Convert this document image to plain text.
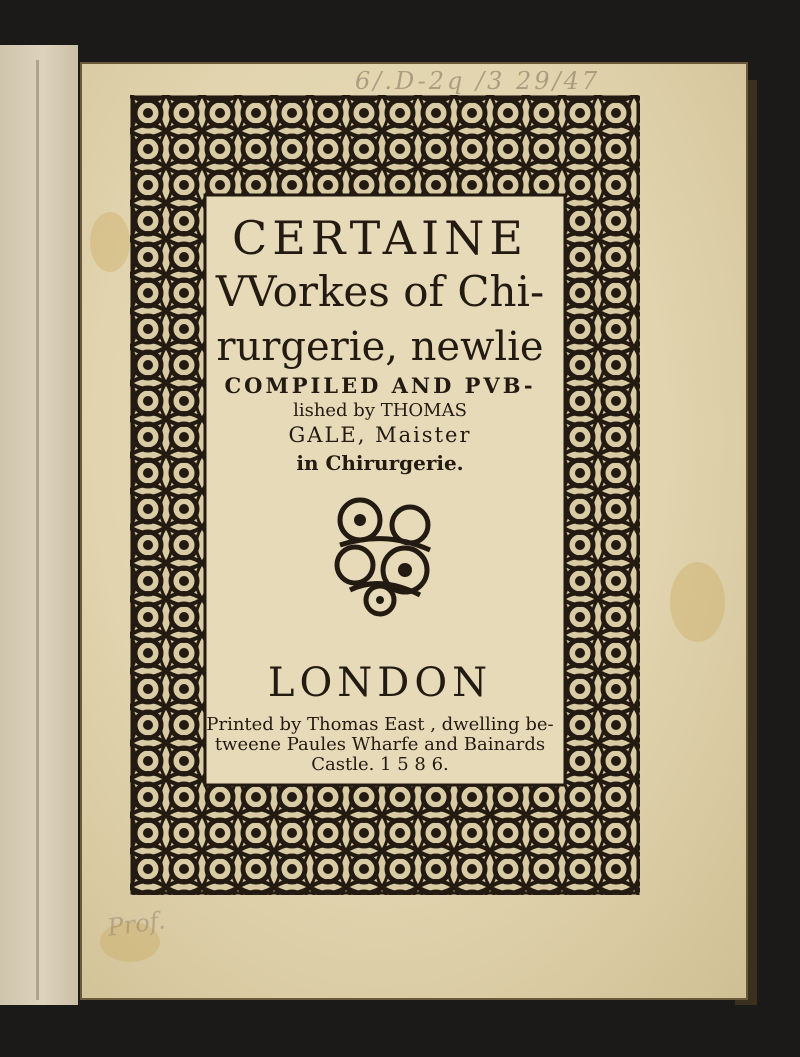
6/.D-2q /3 29/47
Prof.
CERTAINE
VVorkes of Chi-
rurgerie, newlie
COMPILED AND PVB-
lished by THOMAS
GALE, Maister
in Chirurgerie.
LONDON
Printed by Thomas East , dwelling be-
tweene Paules Wharfe and Bainards
Castle. 1 5 8 6.
